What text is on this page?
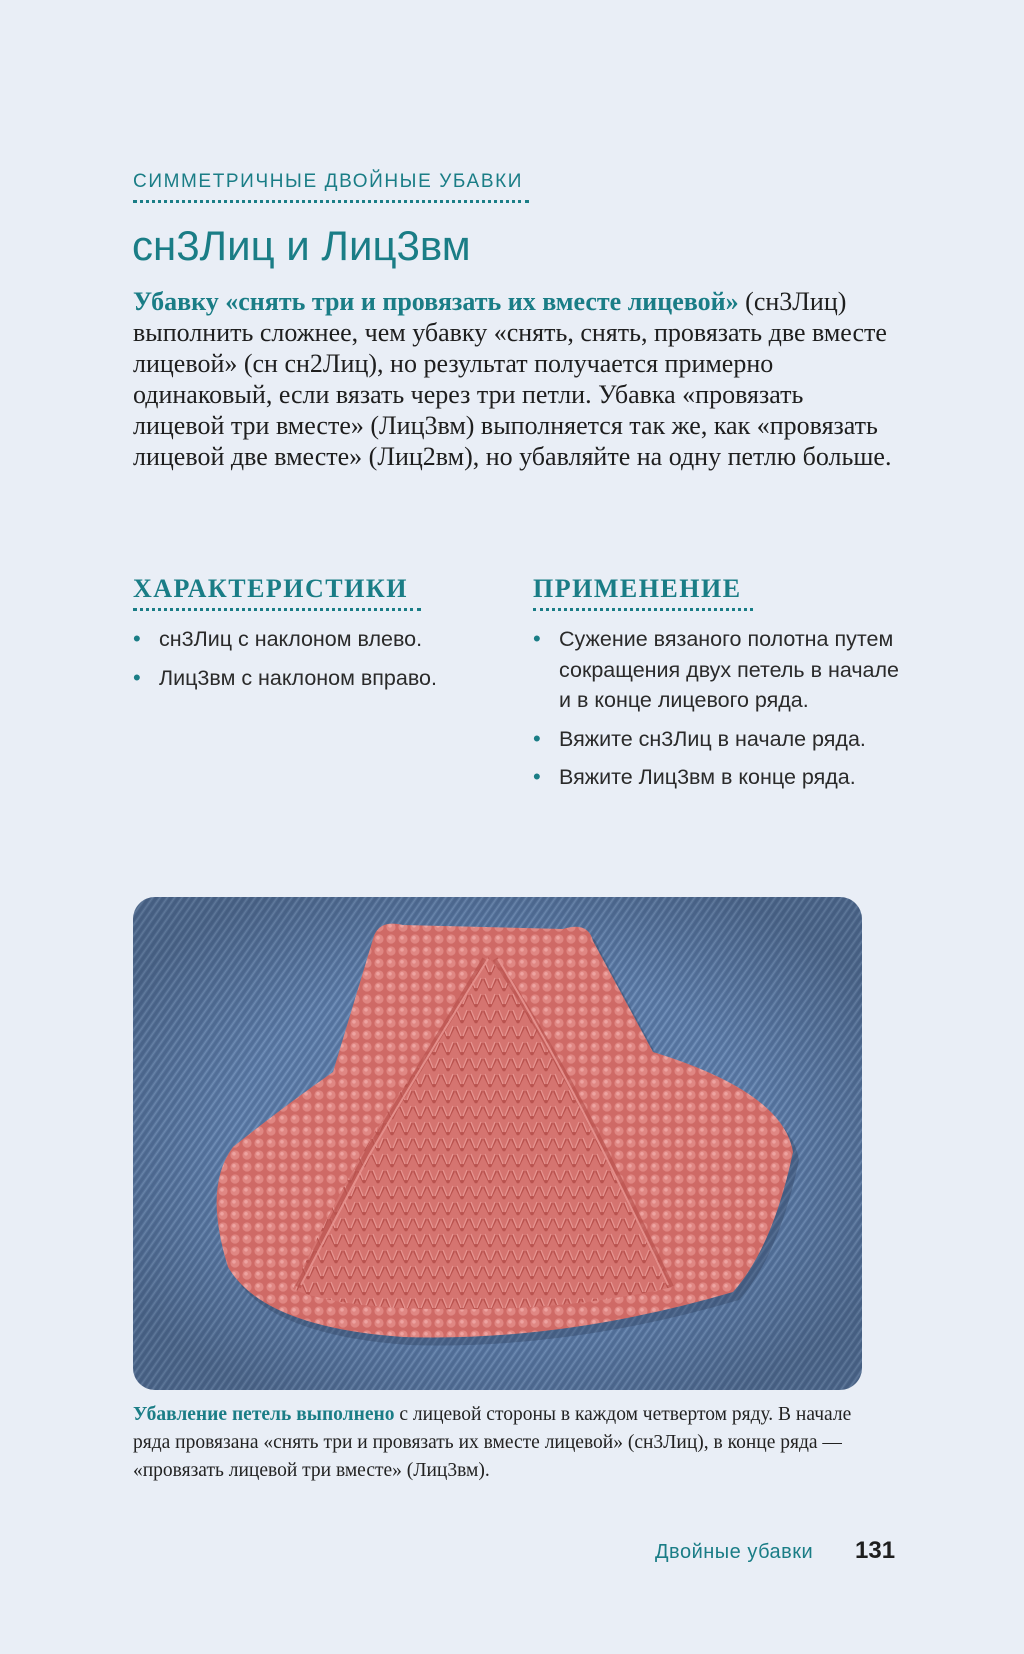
СИММЕТРИЧНЫЕ ДВОЙНЫЕ УБАВКИ
сн3Лиц и Лиц3вм
Убавку «снять три и провязать их вместе лицевой» (сн3Лиц) выполнить сложнее, чем убавку «снять, снять, провязать две вместе лицевой» (сн сн2Лиц), но результат получается примерно одинаковый, если вязать через три петли. Убавка «провязать лицевой три вместе» (Лиц3вм) выполняется так же, как «провязать лицевой две вместе» (Лиц2вм), но убавляйте на одну петлю больше.
ХАРАКТЕРИСТИКИ
• сн3Лиц с наклоном влево.
• Лиц3вм с наклоном вправо.
ПРИМЕНЕНИЕ
• Сужение вязаного полотна путем сокращения двух петель в начале и в конце лицевого ряда.
• Вяжите сн3Лиц в начале ряда.
• Вяжите Лиц3вм в конце ряда.
Убавление петель выполнено с лицевой стороны в каждом четвертом ряду. В начале ряда провязана «снять три и провязать их вместе лицевой» (сн3Лиц), в конце ряда — «провязать лицевой три вместе» (Лиц3вм).
Двойные убавки 131
